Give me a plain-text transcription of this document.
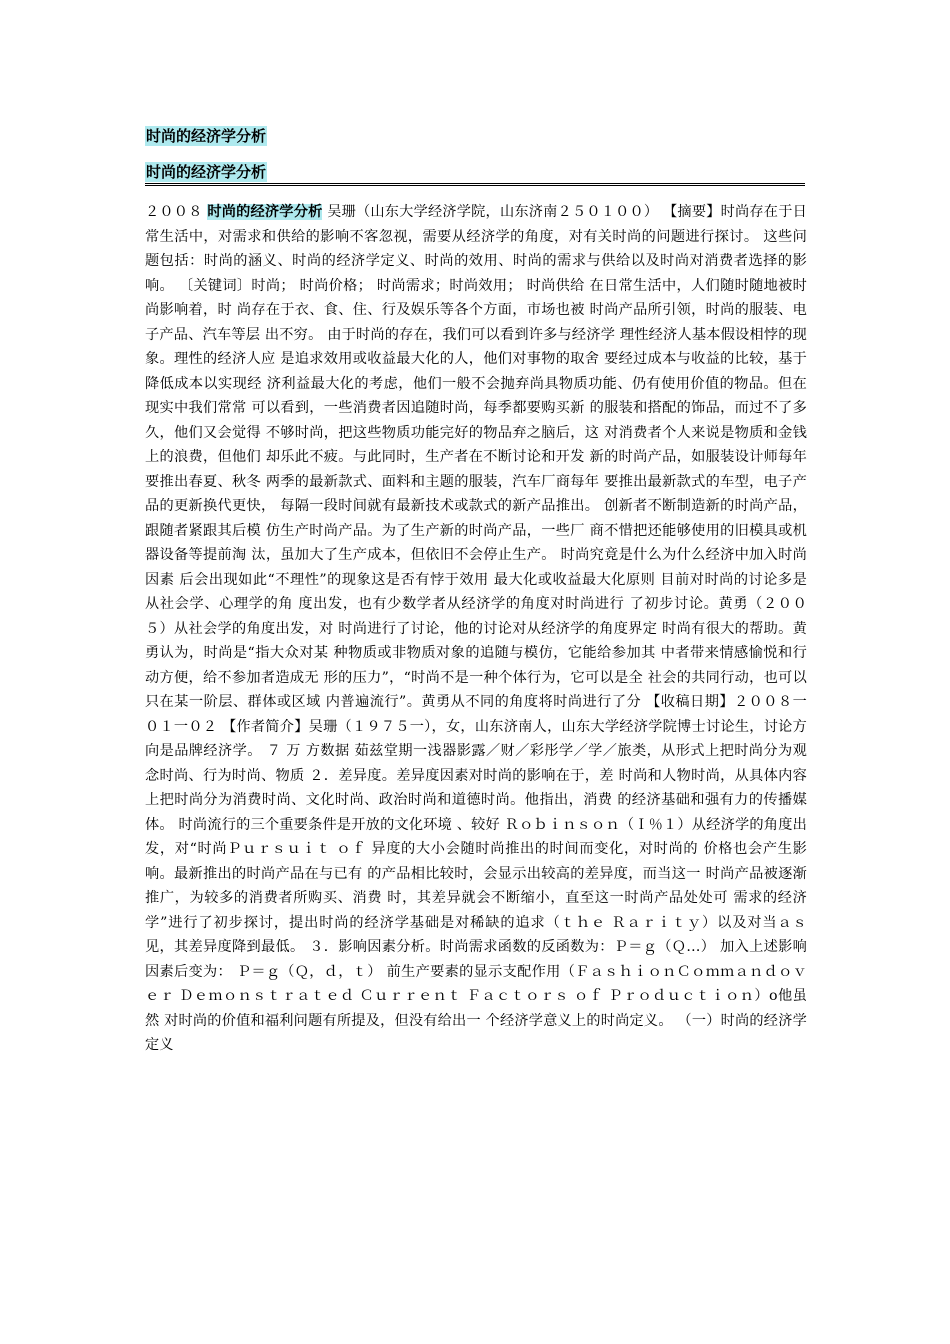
时尚的经济学分析
时尚的经济学分析

２００８ 时尚的经济学分析 吴珊（山东大学经济学院，山东济南２５０１００） 【摘要】时尚存在于日常生活中，对需求和供给的影响不客忽视，需要从经济学的角度，对有关时尚的问题进行探讨。 这些问题包括：时尚的涵义、时尚的经济学定义、时尚的效用、时尚的需求与供给以及时尚对消费者选择的影响。 〔关键词〕时尚； 时尚价格； 时尚需求；时尚效用； 时尚供给 在日常生活中，人们随时随地被时尚影响着，时 尚存在于衣、食、住、行及娱乐等各个方面，市场也被 时尚产品所引领，时尚的服装、电子产品、汽车等层 出不穷。 由于时尚的存在，我们可以看到许多与经济学 理性经济人基本假设相悖的现象。理性的经济人应 是追求效用或收益最大化的人，他们对事物的取舍 要经过成本与收益的比较，基于降低成本以实现经 济利益最大化的考虑，他们一般不会抛弃尚具物质功能、仍有使用价值的物品。但在现实中我们常常 可以看到，一些消费者因追随时尚，每季都要购买新 的服装和搭配的饰品，而过不了多久，他们又会觉得 不够时尚，把这些物质功能完好的物品弃之脑后，这 对消费者个人来说是物质和金钱上的浪费，但他们 却乐此不疲。与此同时，生产者在不断讨论和开发 新的时尚产品，如服装设计师每年要推出春夏、秋冬 两季的最新款式、面料和主题的服装，汽车厂商每年 要推出最新款式的车型，电子产品的更新换代更快， 每隔一段时间就有最新技术或款式的新产品推出。 创新者不断制造新的时尚产品，跟随者紧跟其后模 仿生产时尚产品。为了生产新的时尚产品，一些厂 商不惜把还能够使用的旧模具或机器设备等提前淘 汰，虽加大了生产成本，但依旧不会停止生产。 时尚究竟是什么为什么经济中加入时尚因素 后会出现如此“不理性”的现象这是否有悖于效用 最大化或收益最大化原则 目前对时尚的讨论多是从社会学、心理学的角 度出发，也有少数学者从经济学的角度对时尚进行 了初步讨论。黄勇（２００５）从社会学的角度出发，对 时尚进行了讨论，他的讨论对从经济学的角度界定 时尚有很大的帮助。黄勇认为，时尚是“指大众对某 种物质或非物质对象的追随与模仿，它能给参加其 中者带来情感愉悦和行动方便，给不参加者造成无 形的压力”，“时尚不是一种个体行为，它可以是全 社会的共同行动，也可以只在某一阶层、群体或区域 内普遍流行”。黄勇从不同的角度将时尚进行了分 【收稿日期】２００８一０１一０２ 【作者简介】吴珊（１９７５一），女，山东济南人，山东大学经济学院博士讨论生，讨论方向是品牌经济学。 ７ 万 方数据 茹兹堂期一浅器影露／财／彩彤学／学／旅类，从形式上把时尚分为观念时尚、行为时尚、物质 ２．差异度。差异度因素对时尚的影响在于，差 时尚和人物时尚，从具体内容上把时尚分为消费时尚、文化时尚、政治时尚和道德时尚。他指出，消费 的经济基础和强有力的传播媒体。 时尚流行的三个重要条件是开放的文化环境 、较好 Ｒｏｂｉｎｓｏｎ（Ｉ％１）从经济学的角度出发，对“时尚Ｐｕｒｓｕｉｔ ｏｆ 异度的大小会随时尚推出的时间而变化，对时尚的 价格也会产生影响。最新推出的时尚产品在与已有 的产品相比较时，会显示出较高的差异度，而当这一 时尚产品被逐渐推广，为较多的消费者所购买、消费 时，其差异就会不断缩小，直至这一时尚产品处处可 需求的经济学”进行了初步探讨，提出时尚的经济学基础是对稀缺的追求（ｔｈｅ Ｒａｒｉｔｙ）以及对当ａｓ 见，其差异度降到最低。 ３．影响因素分析。时尚需求函数的反函数为：Ｐ＝ｇ（Ｑ…） 加入上述影响因素后变为： Ｐ＝ｇ（Ｑ，ｄ，ｔ） 前生产要素的显示支配作用（ＦａｓｈｉｏｎＣｏｍｍａｎｄｏｖｅｒ Ｄｅｍｏｎｓｔｒａｔｅｄ Ｃｕｒｒｅｎｔ Ｆａｃｔｏｒｓ ｏｆ Ｐｒｏｄｕｃｔｉｏｎ）o他虽然 对时尚的价值和福利问题有所提及，但没有给出一 个经济学意义上的时尚定义。 （一）时尚的经济学定义
